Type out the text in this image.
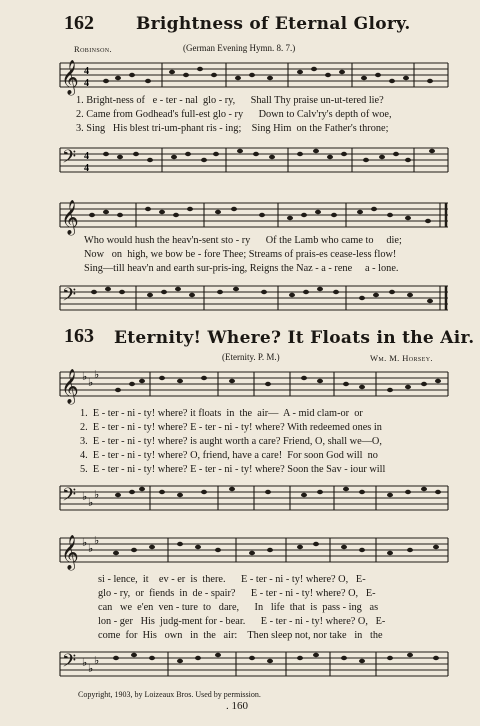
162 Brightness of Eternal Glory.
Robinson.	(German Evening Hymn. 8. 7.)
𝄞 4
4
1. Bright-ness of   e - ter - nal  glo - ry,      Shall Thy praise un-ut-tered lie?
2. Came from Godhead's full-est glo - ry      Down to Calv'ry's depth of woe,
3. Sing   His blest tri-um-phant ris - ing;    Sing Him  on the Father's throne;
𝄢 4
4
𝄞
Who would hush the heav'n-sent sto - ry      Of the Lamb who came to     die;
Now   on  high, we bow be - fore Thee; Streams of prais-es cease-less flow!
Sing—till heav'n and earth sur-pris-ing, Reigns the Naz - a - rene     a - lone.
𝄢
163 Eternity! Where? It Floats in the Air.
(Eternity. P. M.)	Wm. M. Horsey.
𝄞 ♭ ♭
♭
1.  E - ter - ni - ty! where? it floats  in  the  air—  A - mid clam-or  or
2.  E - ter - ni - ty! where? E - ter - ni - ty! where? With redeemed ones in
3.  E - ter - ni - ty! where? is aught worth a care? Friend, O, shall we—O,
4.  E - ter - ni - ty! where? O, friend, have a care!  For soon God will  no
5.  E - ter - ni - ty! where? E - ter - ni - ty! where? Soon the Sav - iour will
𝄢 ♭ ♭
♭
𝄞 ♭ ♭
♭
si - lence,  it    ev - er  is  there.      E - ter - ni - ty! where? O,   E-
glo - ry,  or  fiends  in  de - spair?      E - ter - ni - ty! where? O,   E-
can   we  e'en  ven - ture  to   dare,      In   life  that  is  pass - ing   as
lon - ger   His  judg-ment for - bear.      E - ter - ni - ty! where? O,   E-
come  for  His   own   in  the   air:    Then sleep not, nor take   in   the
𝄢 ♭ ♭
♭
Copyright, 1903, by Loizeaux Bros. Used by permission.
. 160
